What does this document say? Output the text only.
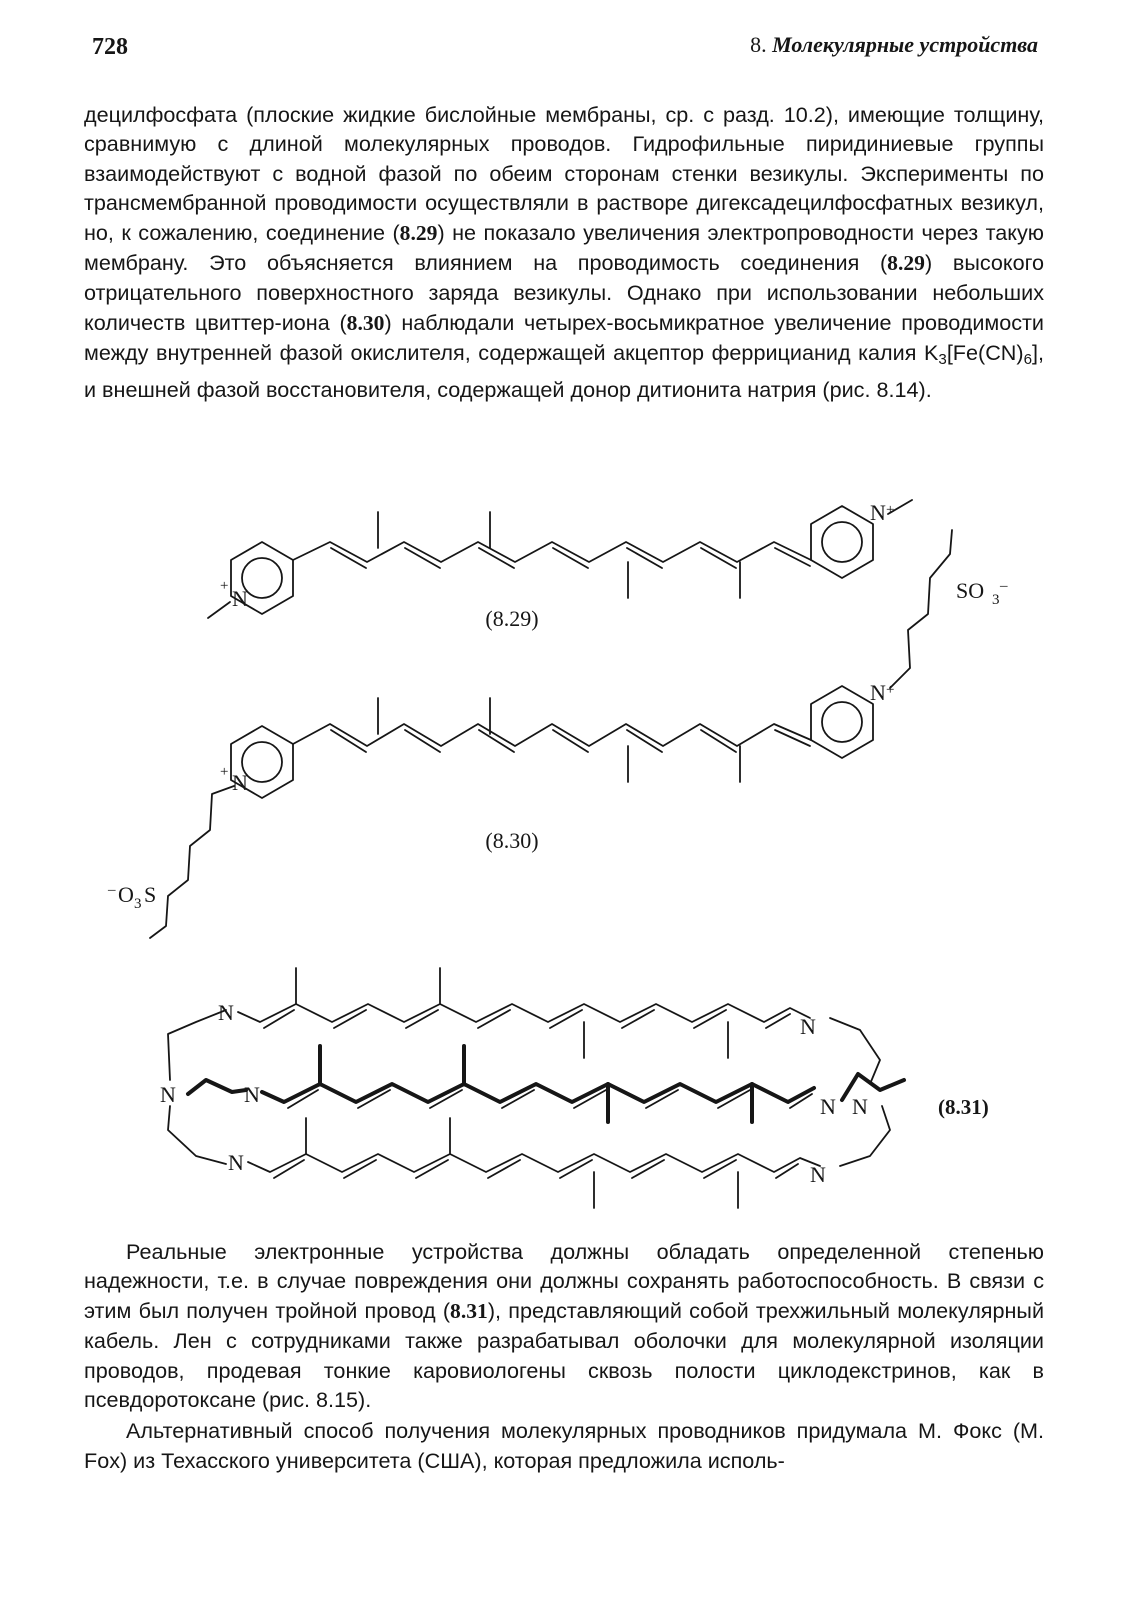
728	8. Молекулярные устройства

децилфосфата (плоские жидкие бислойные мембраны, ср. с разд. 10.2), имеющие толщину, сравнимую с длиной молекулярных проводов. Гидрофильные пиридиниевые группы взаимодействуют с водной фазой по обеим сторонам стенки везикулы. Эксперименты по трансмембранной проводимости осуществляли в растворе дигексадецилфосфатных везикул, но, к сожалению, соединение (8.29) не показало увеличения электропроводности через такую мембрану. Это объясняется влиянием на проводимость соединения (8.29) высокого отрицательного поверхностного заряда везикулы. Однако при использовании небольших количеств цвиттер-иона (8.30) наблюдали четырех-восьмикратное увеличение проводимости между внутренней фазой окислителя, содержащей акцептор феррицианид калия $K_3[Fe(CN)_6]$, и внешней фазой восстановителя, содержащей донор дитионита натрия (рис. 8.14).

N
+
N +
(8.29)
SO 3
–
N
+
N +
(8.30)
– O 3 S
N
N	N
N
N
N N
N
(8.31)

Реальные электронные устройства должны обладать определенной степенью надежности, т.е. в случае повреждения они должны сохранять работоспособность. В связи с этим был получен тройной провод (8.31), представляющий собой трехжильный молекулярный кабель. Лен с сотрудниками также разрабатывал оболочки для молекулярной изоляции проводов, продевая тонкие каровиологены сквозь полости циклодекстринов, как в псевдоротоксане (рис. 8.15).

Альтернативный способ получения молекулярных проводников придумала М. Фокс (M. Fox) из Техасского университета (США), которая предложила исполь-
